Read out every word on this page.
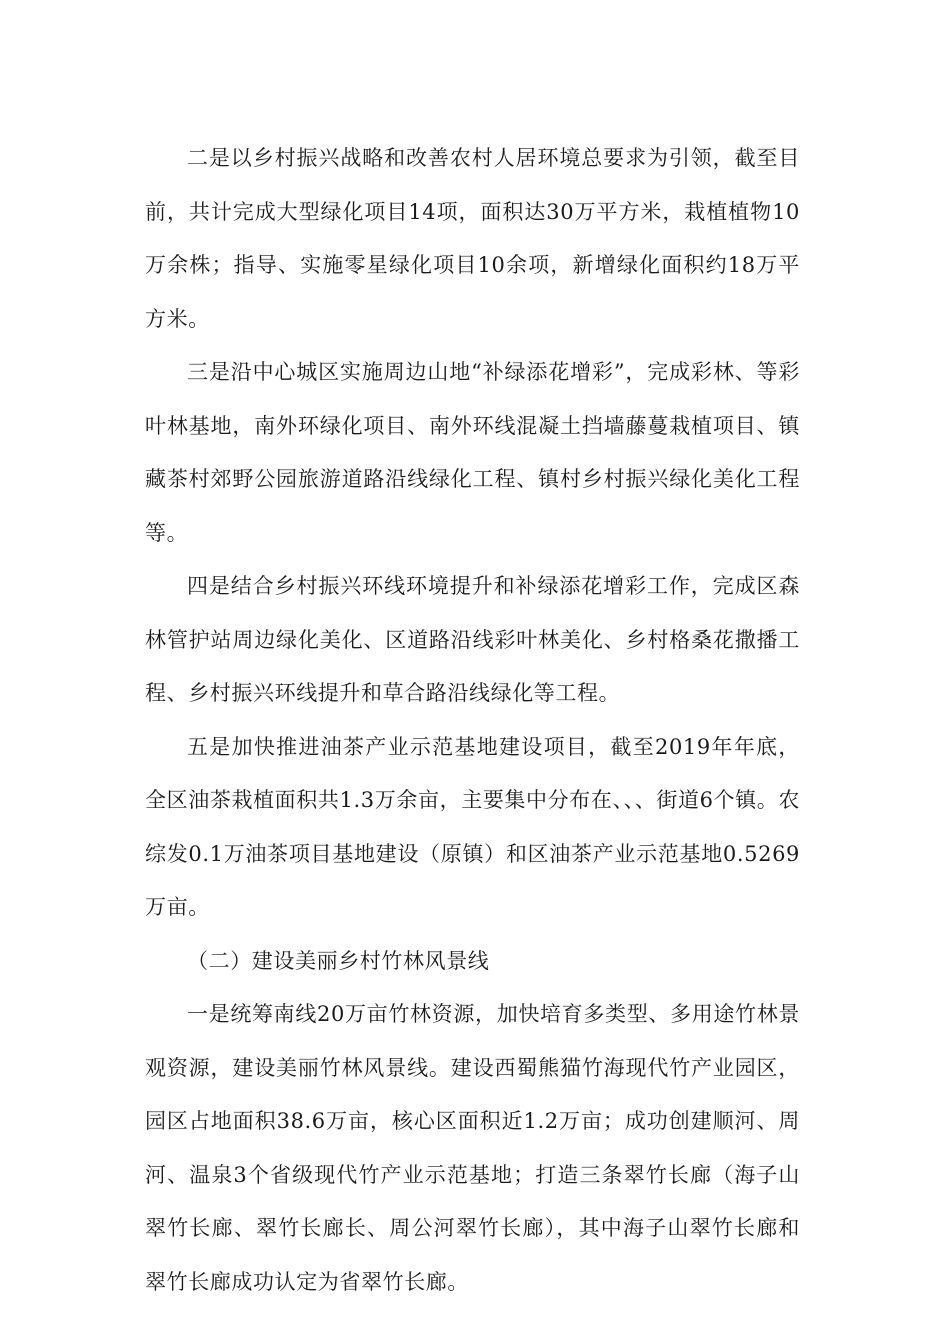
二是以乡村振兴战略和改善农村人居环境总要求为引领，截至目前，共计完成大型绿化项目14项，面积达30万平方米，栽植植物10万余株；指导、实施零星绿化项目10余项，新增绿化面积约18万平方米。

三是沿中心城区实施周边山地“补绿添花增彩”，完成彩林、等彩叶林基地，南外环绿化项目、南外环线混凝土挡墙藤蔓栽植项目、镇藏茶村郊野公园旅游道路沿线绿化工程、镇村乡村振兴绿化美化工程等。

四是结合乡村振兴环线环境提升和补绿添花增彩工作，完成区森林管护站周边绿化美化、区道路沿线彩叶林美化、乡村格桑花撒播工程、乡村振兴环线提升和草合路沿线绿化等工程。

五是加快推进油茶产业示范基地建设项目，截至2019年年底，全区油茶栽植面积共1.3万余亩，主要集中分布在、、、街道6个镇。农综发0.1万油茶项目基地建设（原镇）和区油茶产业示范基地0.5269万亩。

（二）建设美丽乡村竹林风景线

一是统筹南线20万亩竹林资源，加快培育多类型、多用途竹林景观资源，建设美丽竹林风景线。建设西蜀熊猫竹海现代竹产业园区，园区占地面积38.6万亩，核心区面积近1.2万亩；成功创建顺河、周河、温泉3个省级现代竹产业示范基地；打造三条翠竹长廊（海子山翠竹长廊、翠竹长廊长、周公河翠竹长廊），其中海子山翠竹长廊和翠竹长廊成功认定为省翠竹长廊。
